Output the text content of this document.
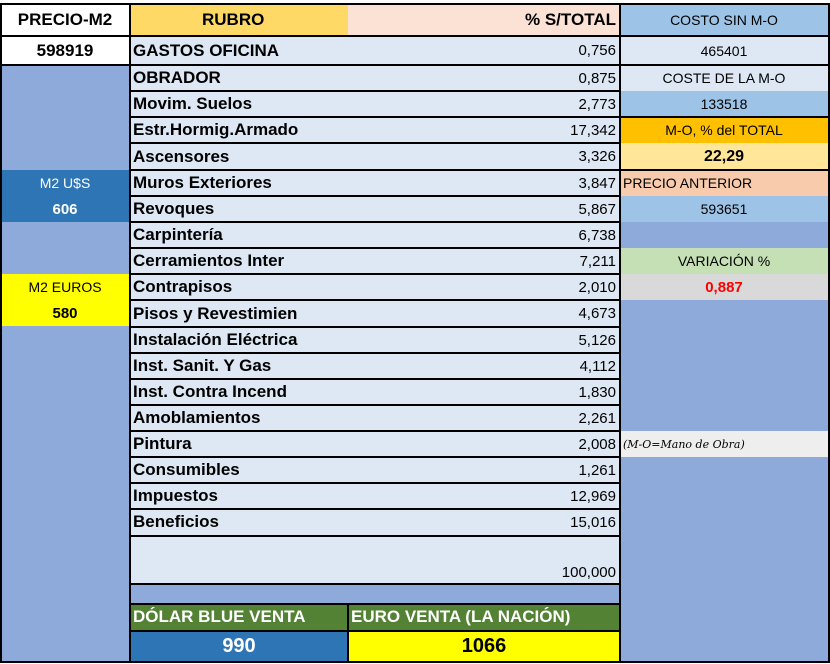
PRECIO-M2
598919
M2 U$S
606
M2 EUROS
580
RUBRO	% S/TOTAL
GASTOS OFICINA	0,756
OBRADOR	0,875
Movim. Suelos	2,773
Estr.Hormig.Armado	17,342
Ascensores	3,326
Muros Exteriores	3,847
Revoques	5,867
Carpintería	6,738
Cerramientos Inter	7,211
Contrapisos	2,010
Pisos y Revestimien	4,673
Instalación Eléctrica	5,126
Inst. Sanit. Y Gas	4,112
Inst. Contra Incend	1,830
Amoblamientos	2,261
Pintura	2,008
Consumibles	1,261
Impuestos	12,969
Beneficios	15,016
100,000
DÓLAR BLUE VENTA	EURO VENTA (LA NACIÓN)
990	1066
COSTO SIN M-O
465401
COSTE DE LA M-O
133518
M-O, % del TOTAL
22,29
PRECIO ANTERIOR
593651
VARIACIÓN %
0,887
(M-O=Mano de Obra)
